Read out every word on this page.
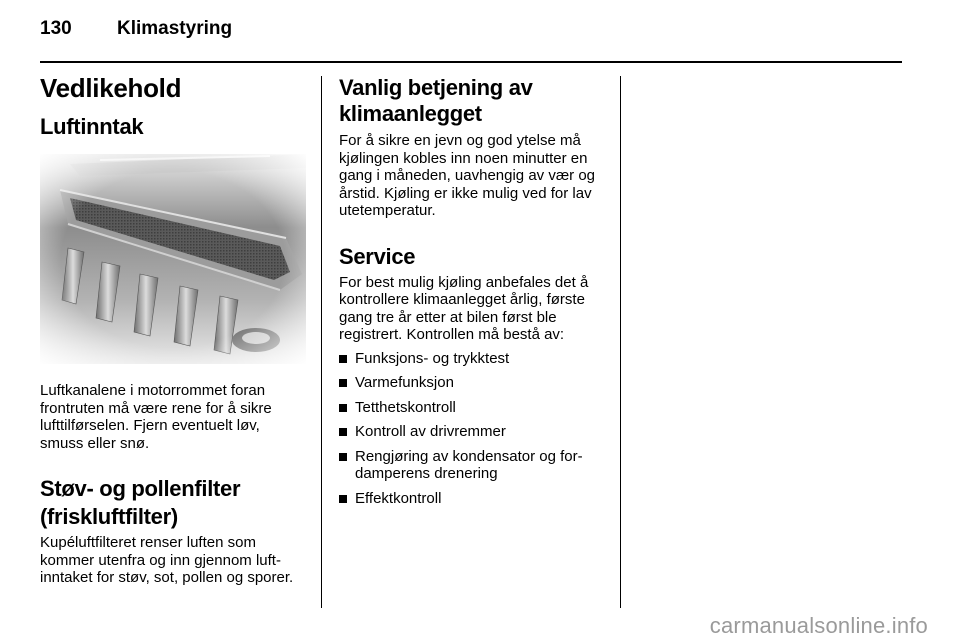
130 Klimastyring
Vedlikehold
Luftinntak

Luftkanalene i motorrommet foran frontruten må være rene for å sikre lufttilførselen. Fjern eventuelt løv, smuss eller snø.

Støv- og pollenfilter
(friskluftfilter)

Kupéluftfilteret renser luften som kommer utenfra og inn gjennom luftinntaket for støv, sot, pollen og sporer.

Vanlig betjening av
klimaanlegget

For å sikre en jevn og god ytelse må kjølingen kobles inn noen minutter en gang i måneden, uavhengig av vær og årstid. Kjøling er ikke mulig ved for lav utetemperatur.

Service

For best mulig kjøling anbefales det å kontrollere klimaanlegget årlig, første gang tre år etter at bilen først ble registrert. Kontrollen må bestå av:

Funksjons- og trykktest
Varmefunksjon
Tetthetskontroll
Kontroll av drivremmer
Rengjøring av kondensator og fordamperens drenering
Effektkontroll
carmanualsonline.info
